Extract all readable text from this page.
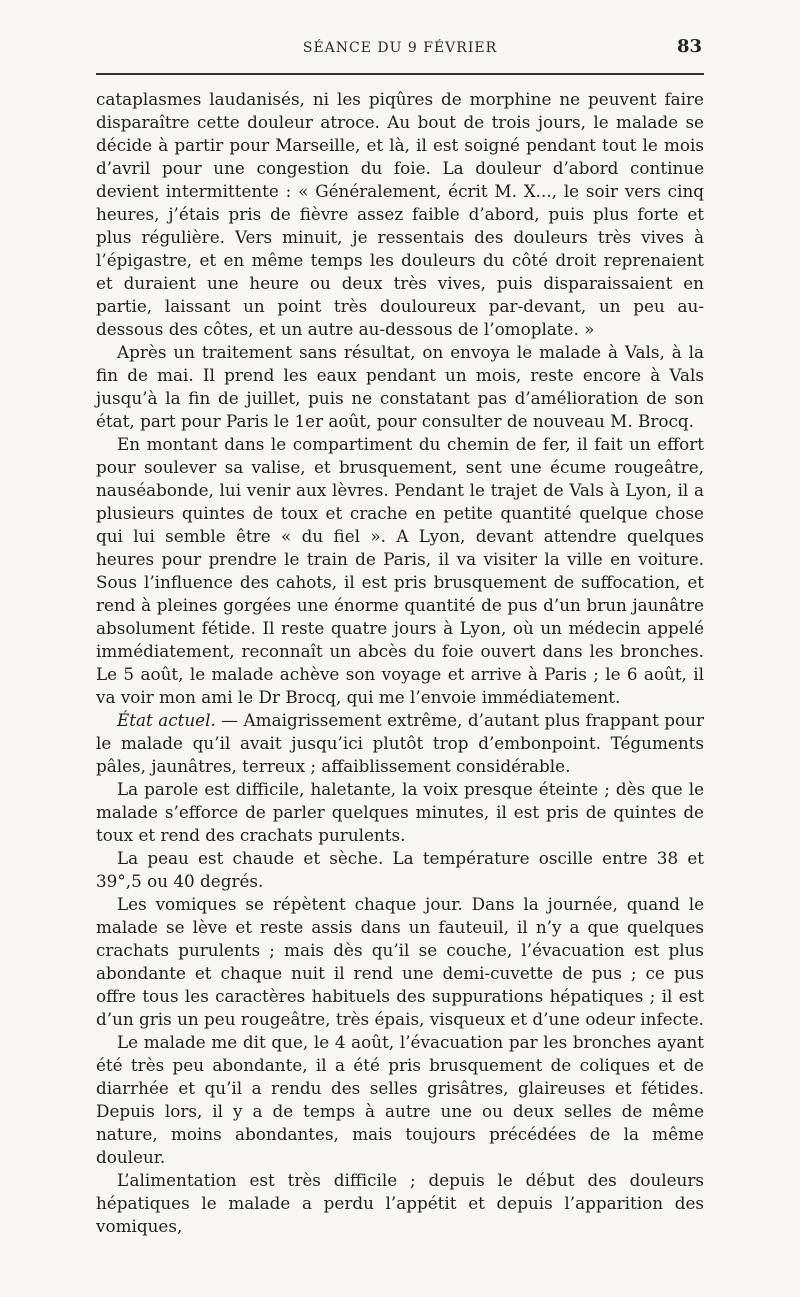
SÉANCE DU 9 FÉVRIER	83

cataplasmes laudanisés, ni les piqûres de morphine ne peuvent faire disparaître cette douleur atroce. Au bout de trois jours, le malade se décide à partir pour Marseille, et là, il est soigné pendant tout le mois d’avril pour une congestion du foie. La douleur d’abord continue devient intermittente : « Généralement, écrit M. X..., le soir vers cinq heures, j’étais pris de fièvre assez faible d’abord, puis plus forte et plus régulière. Vers minuit, je ressentais des douleurs très vives à l’épigastre, et en même temps les douleurs du côté droit reprenaient et duraient une heure ou deux très vives, puis disparaissaient en partie, laissant un point très douloureux par-devant, un peu au-dessous des côtes, et un autre au-dessous de l’omoplate. »

Après un traitement sans résultat, on envoya le malade à Vals, à la fin de mai. Il prend les eaux pendant un mois, reste encore à Vals jusqu’à la fin de juillet, puis ne constatant pas d’amélioration de son état, part pour Paris le 1er août, pour consulter de nouveau M. Brocq.

En montant dans le compartiment du chemin de fer, il fait un effort pour soulever sa valise, et brusquement, sent une écume rougeâtre, nauséabonde, lui venir aux lèvres. Pendant le trajet de Vals à Lyon, il a plusieurs quintes de toux et crache en petite quantité quelque chose qui lui semble être « du fiel ». A Lyon, devant attendre quelques heures pour prendre le train de Paris, il va visiter la ville en voiture. Sous l’influence des cahots, il est pris brusquement de suffocation, et rend à pleines gorgées une énorme quantité de pus d’un brun jaunâtre absolument fétide. Il reste quatre jours à Lyon, où un médecin appelé immédiatement, reconnaît un abcès du foie ouvert dans les bronches. Le 5 août, le malade achève son voyage et arrive à Paris ; le 6 août, il va voir mon ami le Dr Brocq, qui me l’envoie immédiatement.

État actuel. — Amaigrissement extrême, d’autant plus frappant pour le malade qu’il avait jusqu’ici plutôt trop d’embonpoint. Téguments pâles, jaunâtres, terreux ; affaiblissement considérable.

La parole est difficile, haletante, la voix presque éteinte ; dès que le malade s’efforce de parler quelques minutes, il est pris de quintes de toux et rend des crachats purulents.

La peau est chaude et sèche. La température oscille entre 38 et 39°,5 ou 40 degrés.

Les vomiques se répètent chaque jour. Dans la journée, quand le malade se lève et reste assis dans un fauteuil, il n’y a que quelques crachats purulents ; mais dès qu’il se couche, l’évacuation est plus abondante et chaque nuit il rend une demi-cuvette de pus ; ce pus offre tous les caractères habituels des suppurations hépatiques ; il est d’un gris un peu rougeâtre, très épais, visqueux et d’une odeur infecte.

Le malade me dit que, le 4 août, l’évacuation par les bronches ayant été très peu abondante, il a été pris brusquement de coliques et de diarrhée et qu’il a rendu des selles grisâtres, glaireuses et fétides. Depuis lors, il y a de temps à autre une ou deux selles de même nature, moins abondantes, mais toujours précédées de la même douleur.

L’alimentation est très difficile ; depuis le début des douleurs hépatiques le malade a perdu l’appétit et depuis l’apparition des vomiques,
